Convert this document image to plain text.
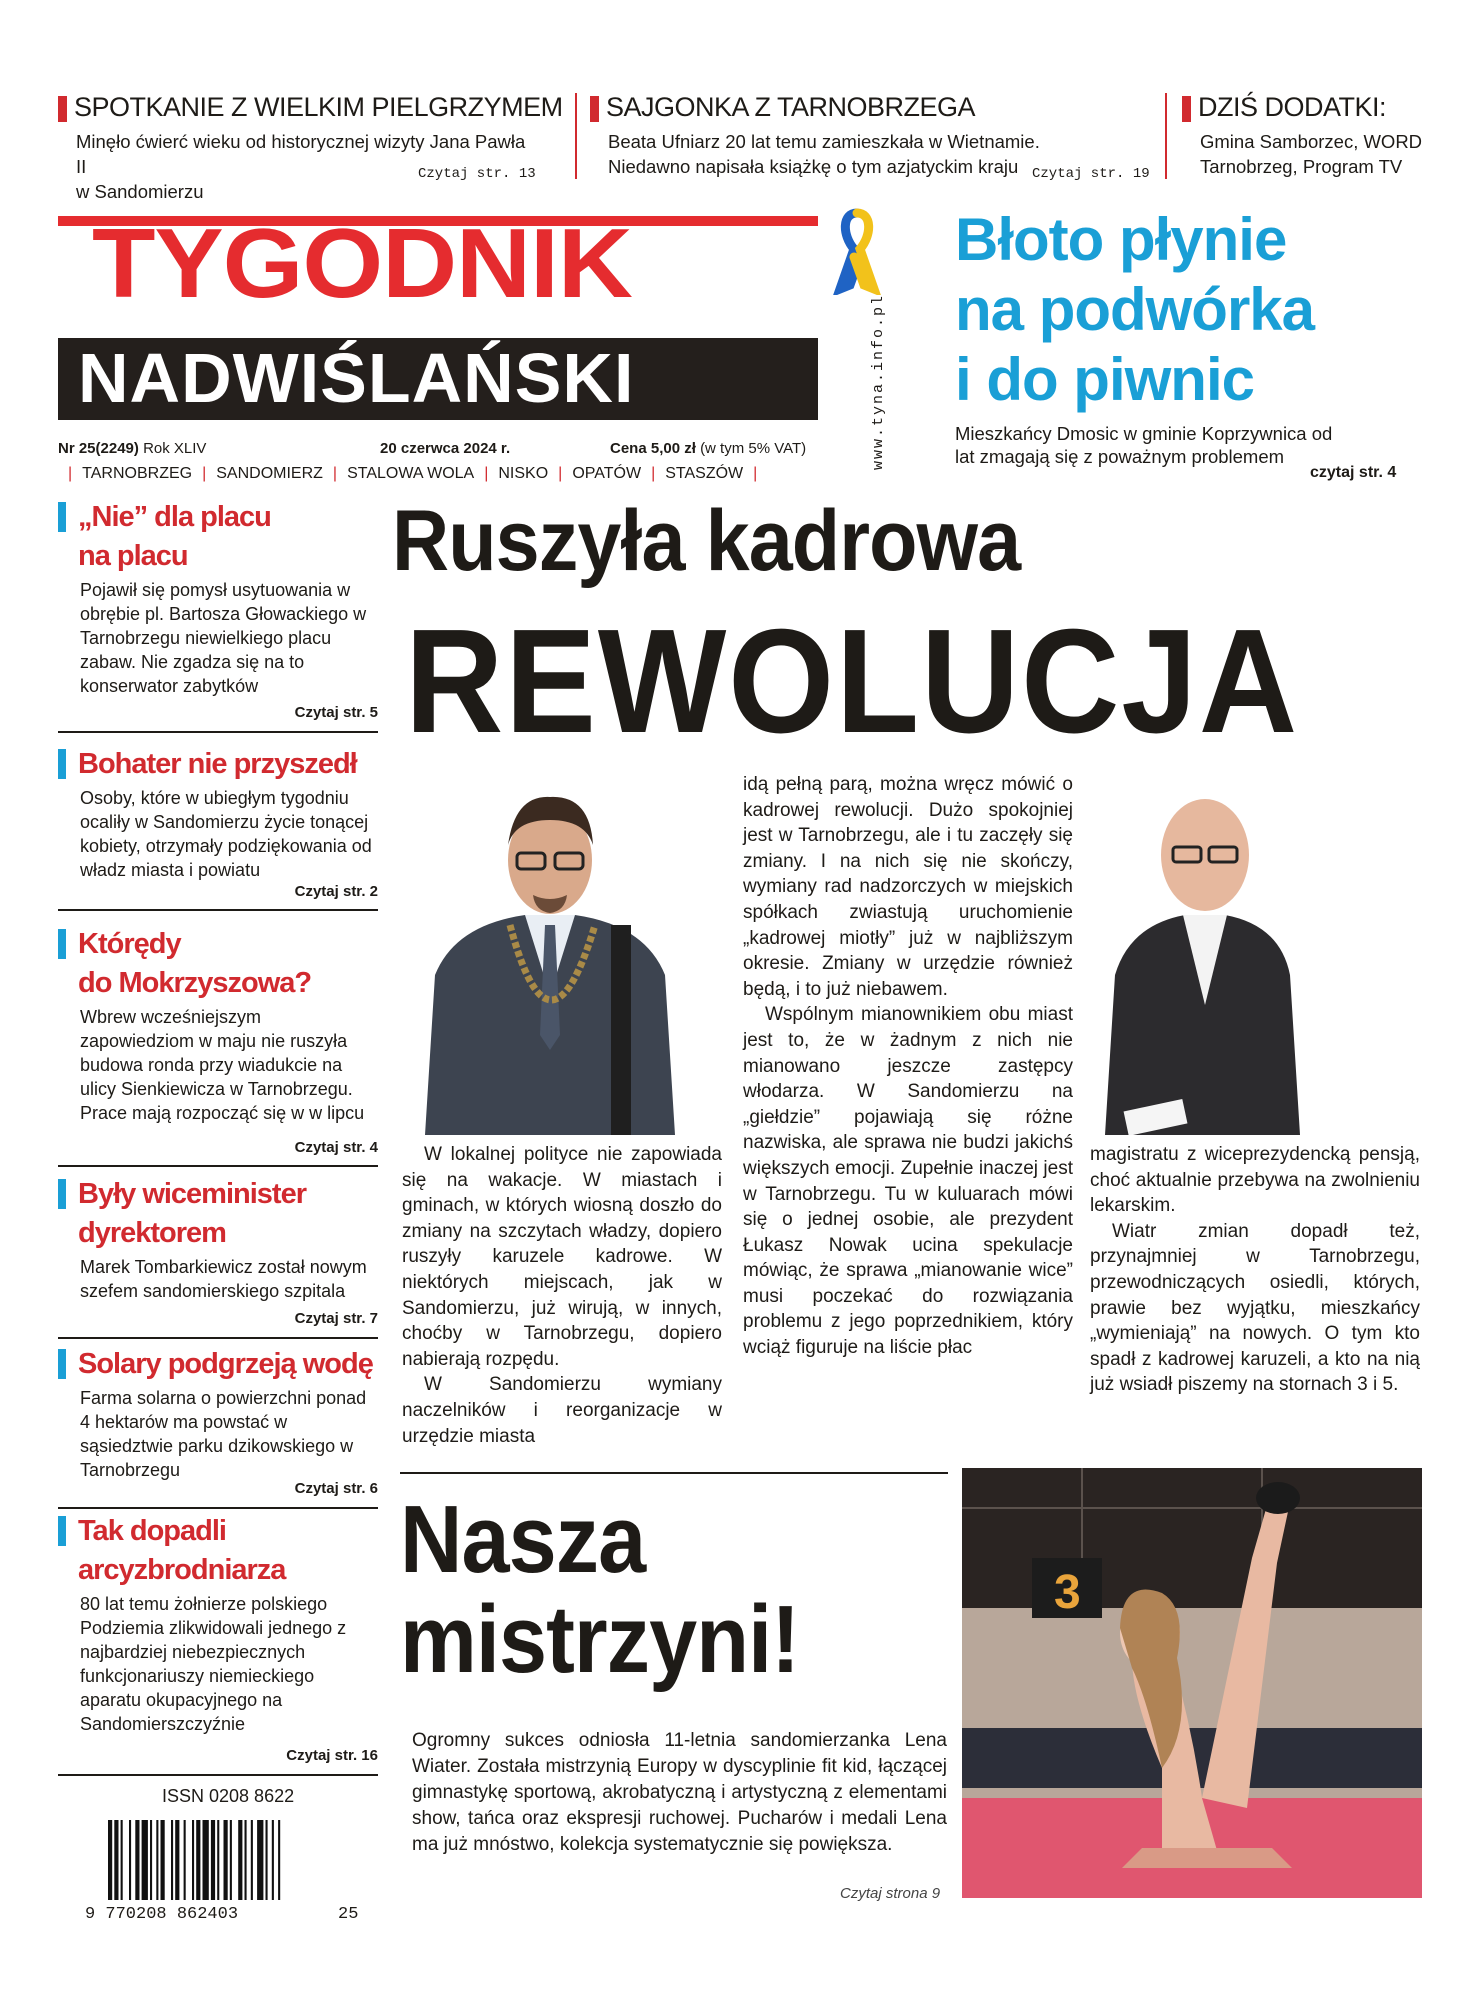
SPOTKANIE Z WIELKIM PIELGRZYMEM

Minęło ćwierć wieku od historycznej wizyty Jana Pawła II
w Sandomierzu

Czytaj str. 13
SAJGONKA Z TARNOBRZEGA

Beata Ufniarz 20 lat temu zamieszkała w Wietnamie.
Niedawno napisała książkę o tym azjatyckim kraju Czytaj str. 19
DZIŚ DODATKI:

Gmina Samborzec, WORD
Tarnobrzeg, Program TV

TYGODNIK
NADWIŚLAŃSKI	www.tyna.info.pl
Nr 25(2249) Rok XLIV	20 czerwca 2024 r.	Cena 5,00 zł (w tym 5% VAT)
| TARNOBRZEG | SANDOMIERZ | STALOWA WOLA | NISKO | OPATÓW | STASZÓW |
Błoto płynie
na podwórka
i do piwnic
Mieszkańcy Dmosic w gminie Koprzywnica od lat zmagają się z poważnym problemem
czytaj str. 4
„Nie” dla placu
na placu

Pojawił się pomysł usytuowania w obrębie pl. Bartosza Głowackiego w Tarnobrzegu niewielkiego placu zabaw. Nie zgadza się na to konserwator zabytków

Czytaj str. 5
Bohater nie przyszedł

Osoby, które w ubiegłym tygodniu ocaliły w Sandomierzu życie tonącej kobiety, otrzymały podziękowania od władz miasta i powiatu

Czytaj str. 2
Którędy
do Mokrzyszowa?

Wbrew wcześniejszym zapowiedziom w maju nie ruszyła budowa ronda przy wiadukcie na ulicy Sienkiewicza w Tarnobrzegu. Prace mają rozpocząć się w w lipcu

Czytaj str. 4
Były wiceminister
dyrektorem

Marek Tombarkiewicz został nowym szefem sandomierskiego szpitala

Czytaj str. 7
Solary podgrzeją wodę

Farma solarna o powierzchni ponad 4 hektarów ma powstać w sąsiedztwie parku dzikowskiego w Tarnobrzegu

Czytaj str. 6
Tak dopadli
arcyzbrodniarza

80 lat temu żołnierze polskiego Podziemia zlikwidowali jednego z najbardziej niebezpiecznych funkcjonariuszy niemieckiego aparatu okupacyjnego na Sandomierszczyźnie

Czytaj str. 16
Ruszyła kadrowa
REWOLUCJA

W lokalnej polityce nie zapowiada się na wakacje. W miastach i gminach, w których wiosną doszło do zmiany na szczytach władzy, dopiero ruszyły karuzele kadrowe. W niektórych miejscach, jak w Sandomierzu, już wirują, w innych, choćby w Tarnobrzegu, dopiero nabierają rozpędu.

W Sandomierzu wymiany naczelników i reorganizacje w urzędzie miasta

idą pełną parą, można wręcz mówić o kadrowej rewolucji. Dużo spokojniej jest w Tarnobrzegu, ale i tu zaczęły się zmiany. I na nich się nie skończy, wymiany rad nadzorczych w miejskich spółkach zwiastują uruchomienie „kadrowej miotły” już w najbliższym okresie. Zmiany w urzędzie również będą, i to już niebawem.

Wspólnym mianownikiem obu miast jest to, że w żadnym z nich nie mianowano jeszcze zastępcy włodarza. W Sandomierzu na „giełdzie” pojawiają się różne nazwiska, ale sprawa nie budzi jakichś większych emocji. Zupełnie inaczej jest w Tarnobrzegu. Tu w kuluarach mówi się o jednej osobie, ale prezydent Łukasz Nowak ucina spekulacje mówiąc, że sprawa „mianowanie wice” musi poczekać do rozwiązania problemu z jego poprzednikiem, który wciąż figuruje na liście płac

magistratu z wiceprezydencką pensją, choć aktualnie przebywa na zwolnieniu lekarskim.

Wiatr zmian dopadł też, przynajmniej w Tarnobrzegu, przewodniczących osiedli, których, prawie bez wyjątku, mieszkańcy „wymieniają” na nowych. O tym kto spadł z kadrowej karuzeli, a kto na nią już wsiadł piszemy na stornach 3 i 5.

Nasza
mistrzyni!
Ogromny sukces odniosła 11-letnia sandomierzanka Lena Wiater. Została mistrzynią Europy w dyscyplinie fit kid, łączącej gimnastykę sportową, akrobatyczną i artystyczną z elementami show, tańca oraz ekspresji ruchowej. Pucharów i medali Lena ma już mnóstwo, kolekcja systematycznie się powiększa.
Czytaj strona 9
3
ISSN 0208 8622
9 770208 862403	25
